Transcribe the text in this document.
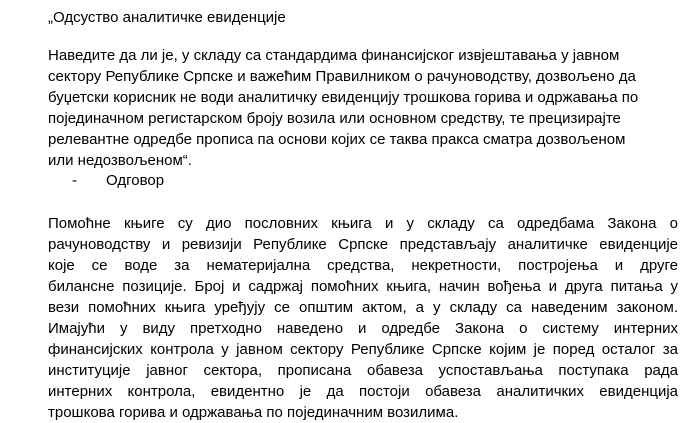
„Одсуство аналитичке евиденције

Наведите да ли је, у складу са стандардима финансијског извјештавања у јавном
сектору Републике Српске и важећим Правилником о рачуноводству, дозвољено да
буџетски корисник не води аналитичку евиденцију трошкова горива и одржавања по
појединачном регистарском броју возила или основном средству, те прецизирајте
релевантне одредбе прописа па основи којих се таква пракса сматра дозвољеном
или недозвољеном“.

- Одговор

Помоћне књиге су дио пословних књига и у складу са одредбама Закона о
рачуноводству и ревизији Републике Српске представљају аналитичке евиденције
које се воде за нематеријална средства, некретности, постројења и друге
билансне позиције. Број и садржај помоћних књига, начин вођења и друга питања у
вези помоћних књига уређују се општим актом, а у складу са наведеним законом.
Имајући у виду претходно наведено и одредбе Закона о систему интерних
финансијских контрола у јавном сектору Републике Српске којим је поред осталог за
институције јавног сектора, прописана обавеза успостављања поступака рада
интерних контрола, евидентно је да постоји обавеза аналитичких евиденција
трошкова горива и одржавања по појединачним возилима.
